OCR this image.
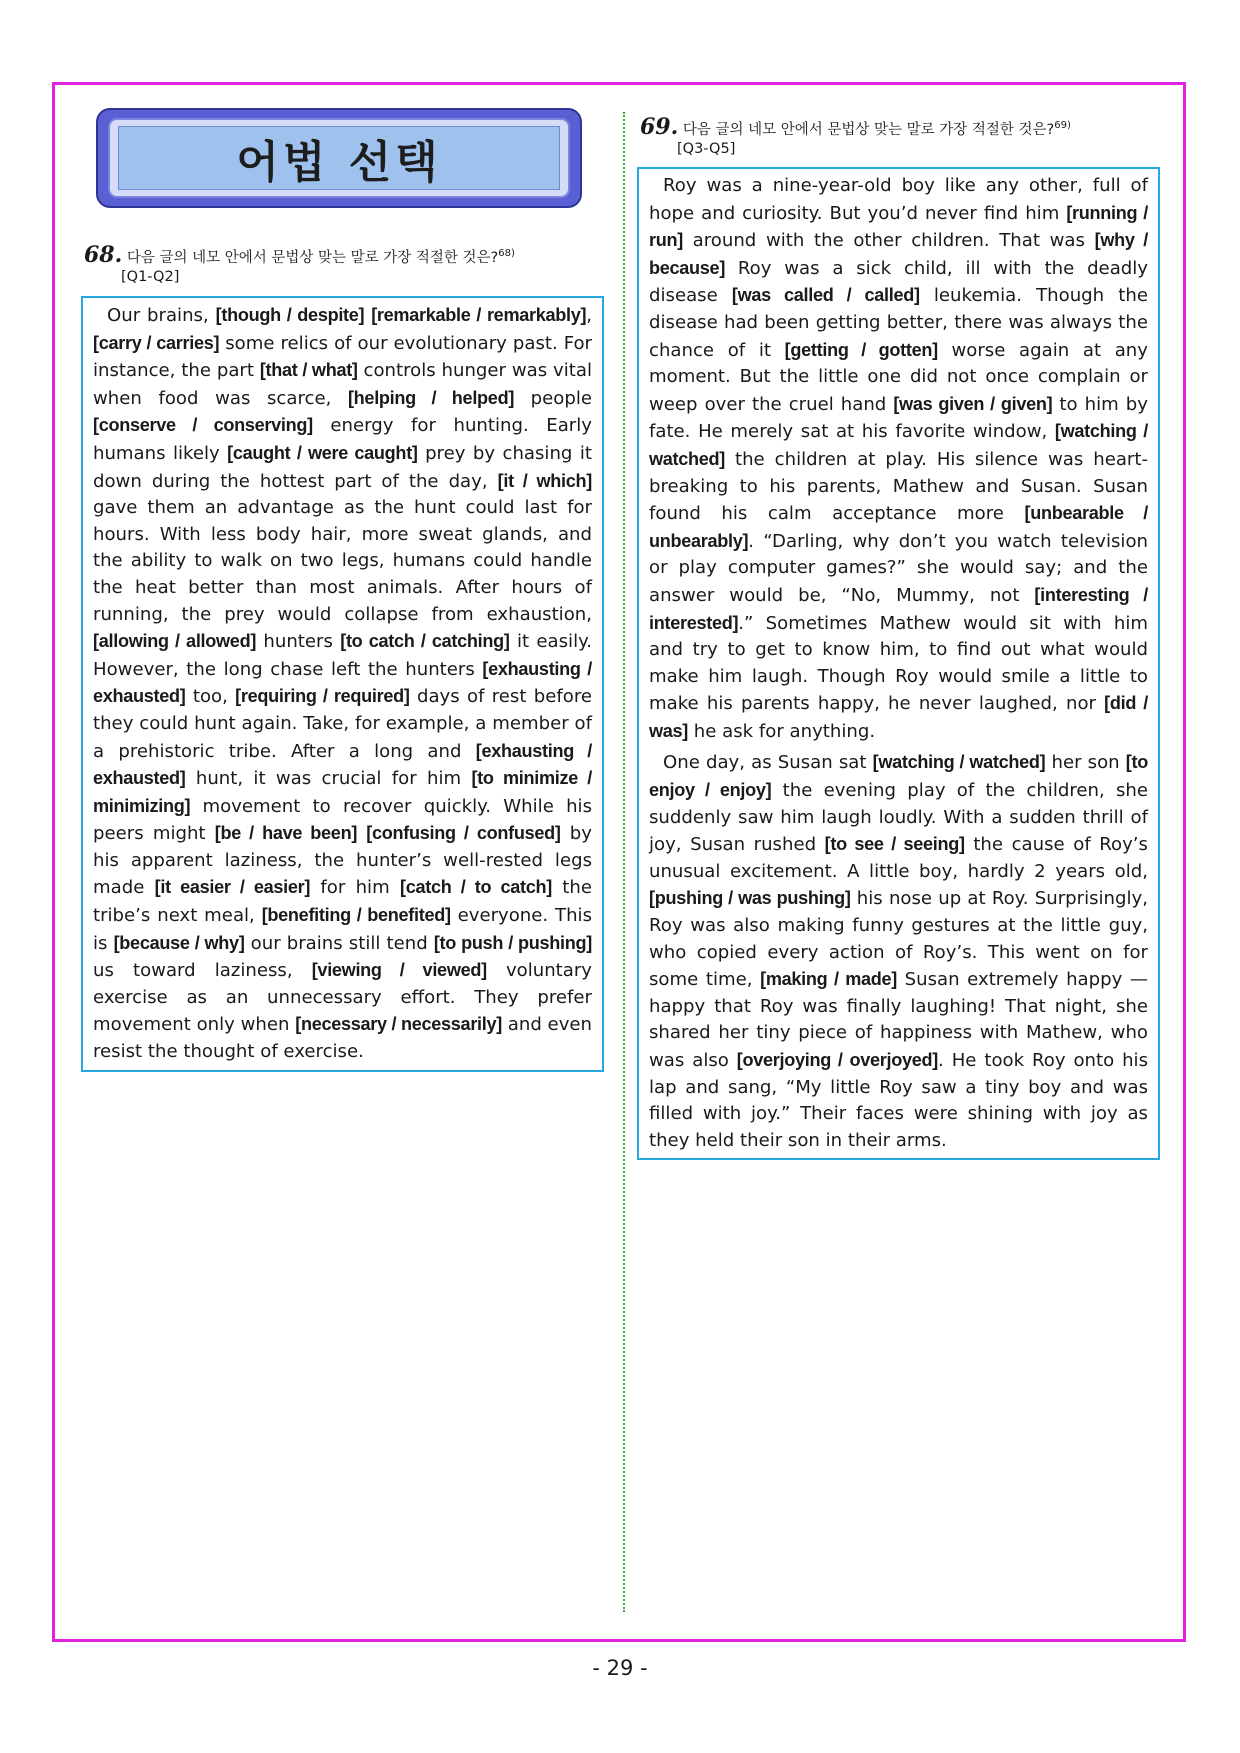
어법 선택
68. 다음 글의 네모 안에서 문법상 맞는 말로 가장 적절한 것은?$^{68)}$
[Q1-Q2]

Our brains, [though / despite] [remarkable / remarkably], [carry / carries] some relics of our evolutionary past. For instance, the part [that / what] controls hunger was vital when food was scarce, [helping / helped] people [conserve / conserving] energy for hunting. Early humans likely [caught / were caught] prey by chasing it down during the hottest part of the day, [it / which] gave them an advantage as the hunt could last for hours. With less body hair, more sweat glands, and the ability to walk on two legs, humans could handle the heat better than most animals. After hours of running, the prey would collapse from exhaustion, [allowing / allowed] hunters [to catch / catching] it easily. However, the long chase left the hunters [exhausting / exhausted] too, [requiring / required] days of rest before they could hunt again. Take, for example, a member of a prehistoric tribe. After a long and [exhausting / exhausted] hunt, it was crucial for him [to minimize / minimizing] movement to recover quickly. While his peers might [be / have been] [confusing / confused] by his apparent laziness, the hunter’s well-rested legs made [it easier / easier] for him [catch / to catch] the tribe’s next meal, [benefiting / benefited] everyone. This is [because / why] our brains still tend [to push / pushing] us toward laziness, [viewing / viewed] voluntary exercise as an unnecessary effort. They prefer movement only when [necessary / necessarily] and even resist the thought of exercise.

69. 다음 글의 네모 안에서 문법상 맞는 말로 가장 적절한 것은?$^{69)}$
[Q3-Q5]

Roy was a nine-year-old boy like any other, full of hope and curiosity. But you’d never find him [running / run] around with the other children. That was [why / because] Roy was a sick child, ill with the deadly disease [was called / called] leukemia. Though the disease had been getting better, there was always the chance of it [getting / gotten] worse again at any moment. But the little one did not once complain or weep over the cruel hand [was given / given] to him by fate. He merely sat at his favorite window, [watching / watched] the children at play. His silence was heart-breaking to his parents, Mathew and Susan. Susan found his calm acceptance more [unbearable / unbearably]. “Darling, why don’t you watch television or play computer games?” she would say; and the answer would be, “No, Mummy, not [interesting / interested].” Sometimes Mathew would sit with him and try to get to know him, to find out what would make him laugh. Though Roy would smile a little to make his parents happy, he never laughed, nor [did / was] he ask for anything.

One day, as Susan sat [watching / watched] her son [to enjoy / enjoy] the evening play of the children, she suddenly saw him laugh loudly. With a sudden thrill of joy, Susan rushed [to see / seeing] the cause of Roy’s unusual excitement. A little boy, hardly 2 years old, [pushing / was pushing] his nose up at Roy. Surprisingly, Roy was also making funny gestures at the little guy, who copied every action of Roy’s. This went on for some time, [making / made] Susan extremely happy — happy that Roy was finally laughing! That night, she shared her tiny piece of happiness with Mathew, who was also [overjoying / overjoyed]. He took Roy onto his lap and sang, “My little Roy saw a tiny boy and was filled with joy.” Their faces were shining with joy as they held their son in their arms.

- 29 -
